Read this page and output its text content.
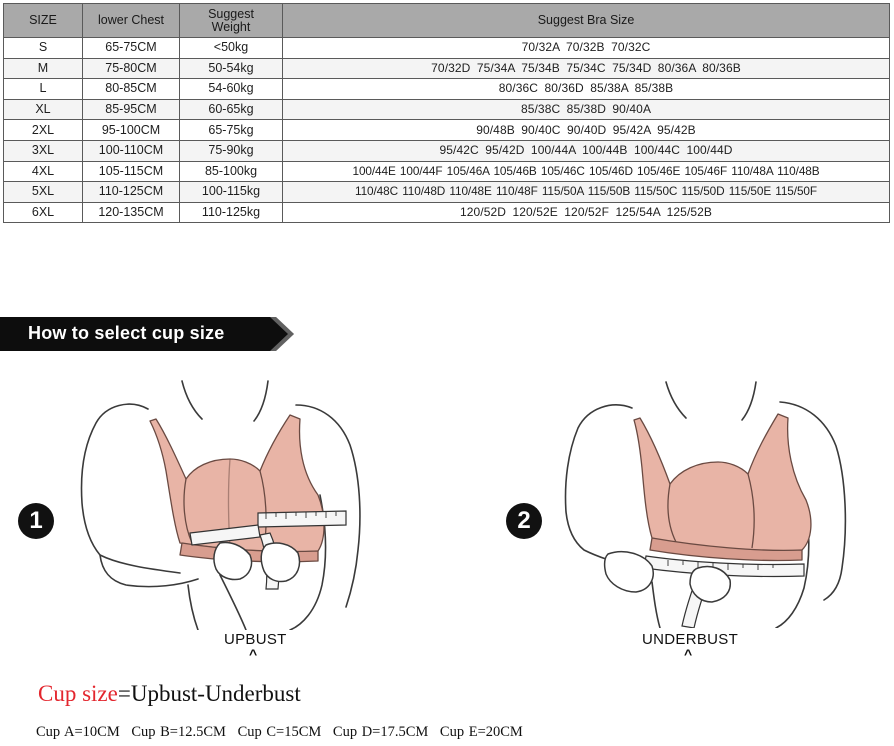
SIZE	lower Chest	Suggest Weight	Suggest Bra Size
S	65-75CM	<50kg	70/32A 70/32B 70/32C
M	75-80CM	50-54kg	70/32D 75/34A 75/34B 75/34C 75/34D 80/36A 80/36B
L	80-85CM	54-60kg	80/36C 80/36D 85/38A 85/38B
XL	85-95CM	60-65kg	85/38C 85/38D 90/40A
2XL	95-100CM	65-75kg	90/48B 90/40C 90/40D 95/42A 95/42B
3XL	100-110CM	75-90kg	95/42C 95/42D 100/44A 100/44B 100/44C 100/44D
4XL	105-115CM	85-100kg	100/44E 100/44F 105/46A 105/46B 105/46C 105/46D 105/46E 105/46F 110/48A 110/48B
5XL	110-125CM	100-115kg	110/48C 110/48D 110/48E 110/48F 115/50A 115/50B 115/50C 115/50D 115/50E 115/50F
6XL	120-135CM	110-125kg	120/52D 120/52E 120/52F 125/54A 125/52B
How to select cup size
1	2
UPBUST
^
UNDERBUST
^
Cup size=Upbust-Underbust
Cup A=10CM Cup B=12.5CM Cup C=15CM Cup D=17.5CM Cup E=20CM
